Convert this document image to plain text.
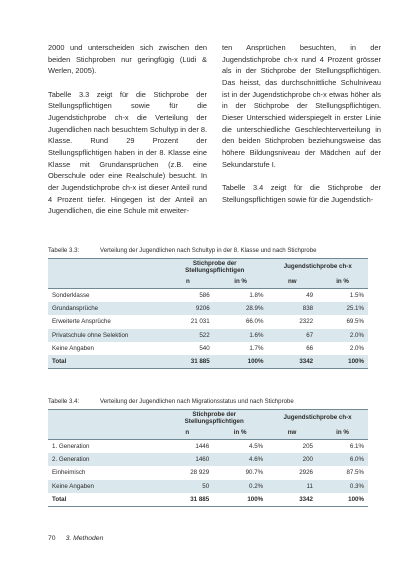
2000 und unterscheiden sich zwischen den beiden Stichproben nur geringfügig (Lüdi & Werlen, 2005).

Tabelle 3.3 zeigt für die Stichprobe der Stellungspflichtigen sowie für die Jugendstichprobe ch-x die Verteilung der Jugendlichen nach besuchtem Schultyp in der 8. Klasse. Rund 29 Prozent der Stellungspflichtigen haben in der 8. Klasse eine Klasse mit Grundansprüchen (z.B. eine Oberschule oder eine Realschule) besucht. In der Jugendstichprobe ch-x ist dieser Anteil rund 4 Prozent tiefer. Hingegen ist der Anteil an Jugendlichen, die eine Schule mit erweiter-

ten Ansprüchen besuchten, in der Jugendstichprobe ch-x rund 4 Prozent grösser als in der Stichprobe der Stellungspflichtigen. Das heisst, das durchschnittliche Schulniveau ist in der Jugendstichprobe ch-x etwas höher als in der Stichprobe der Stellungspflichtigen. Dieser Unterschied widerspiegelt in erster Linie die unterschiedliche Geschlechterverteilung in den beiden Stichproben beziehungsweise das höhere Bildungsniveau der Mädchen auf der Sekundarstufe I.

Tabelle 3.4 zeigt für die Stichprobe der Stellungspflichtigen sowie für die Jugendstich-

Tabelle 3.3:	Verteilung der Jugendlichen nach Schultyp in der 8. Klasse und nach Stichprobe
	Stichprobe der Stellungspflichtigen		Jugendstichprobe ch-x	
	n	in %	nw	in %
Sonderklasse	586	1.8%	49	1.5%
Grundansprüche	9206	28.9%	838	25.1%
Erweiterte Ansprüche	21 031	66.0%	2322	69.5%
Privatschule ohne Selektion	522	1.6%	67	2.0%
Keine Angaben	540	1.7%	66	2.0%
Total	31 885	100%	3342	100%
Tabelle 3.4:	Verteilung der Jugendlichen nach Migrationsstatus und nach Stichprobe
	Stichprobe der Stellungspflichtigen		Jugendstichprobe ch-x	
	n	in %	nw	in %
1. Generation	1446	4.5%	205	6.1%
2. Generation	1460	4.6%	200	6.0%
Einheimisch	28 929	90.7%	2926	87.5%
Keine Angaben	50	0.2%	11	0.3%
Total	31 885	100%	3342	100%
70 3. Methoden
